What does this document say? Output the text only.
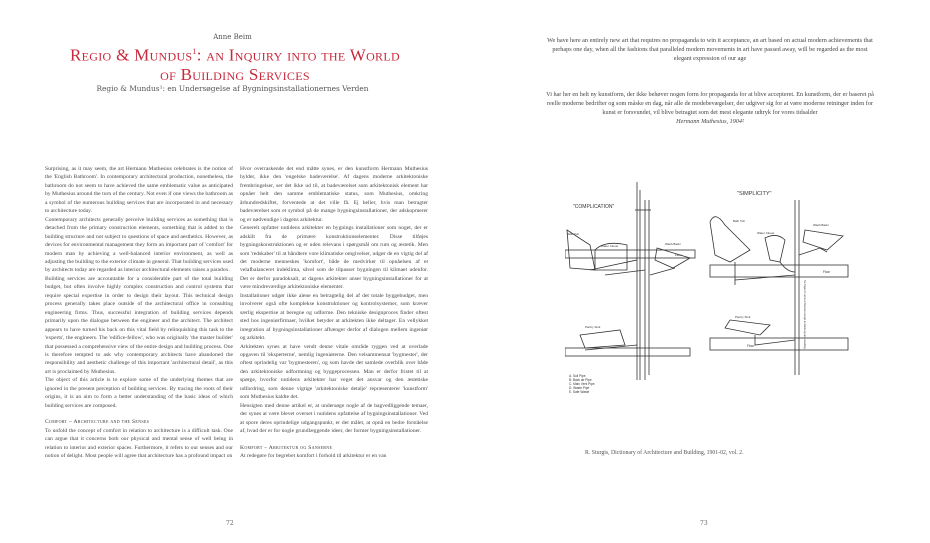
Anne Beim
Regio & Mundus$^1$: an Inquiry into the World
of Building Services
Regio & Mundus¹: en Undersøgelse af Bygningsinstallationernes Verden

Surprising, as it may seem, the art Hermann Muthesius celebrates is the notion of the 'English Bathroom'. In contemporary architectural production, nonetheless, the bathroom do not seem to have achieved the same emblematic value as anticipated by Muthesius around the turn of the century. Not even if one views the bathroom as a symbol of the numerous building services that are incorporated in and necessary to architecture today.

Contemporary architects generally perceive building services as something that is detached from the primary construction elements, something that is added to the building structure and not subject to questions of space and aesthetics. However, as devices for environmental management they form an important part of 'comfort' for modern man by achieving a well-balanced interior environment, as well as adjusting the building to the exterior climate in general. That building services used by architects today are regarded as interior architectural elements raises a paradox.

Building services are accountable for a considerable part of the total building budget, but often involve highly complex construction and control systems that require special expertise in order to design their layout. This technical design process generally takes place outside of the architectural office in consulting engineering firms. Thus, successful integration of building services depends primarily upon the dialogue between the engineer and the architect. The architect appears to have turned his back on this vital field by relinquishing this task to the 'experts', the engineers. The 'edifice-fellow', who was originally 'the master builder' that possessed a comprehensive view of the entire design and building process. One is therefore tempted to ask why contemporary architects have abandoned the responsibility and aesthetic challenge of this important 'architectural detail', as this art is proclaimed by Muthesius.

The object of this article is to explore some of the underlying themes that are ignored in the present perception of building services. By tracing the roots of their origins, it is an aim to form a better understanding of the basic ideas of which building services are composed.

Comfort – Architecture and the Senses

To unfold the concept of comfort in relation to architecture is a difficult task. One can argue that it concerns both our physical and mental sense of well being in relation to interior and exterior spaces. Furthermore, it refers to our senses and our notion of delight. Most people will agree that architecture has a profound impact on

Hvor overraskende det end måtte synes, er den kunstform Hermann Muthesius hylder, ikke den 'engelske badeværelse'. Af dagens moderne arkitektoniske frembringelser, ser det ikke ud til, at badeværelset som arkitektonisk element har opnået helt den samme emblematiske status, som Muthesius, omkring århundredskiftet, forventede at det ville få. Ej heller, hvis man betragter badeværelset som et symbol på de mange bygningsinstallationer, der adskopmerer og er nødvendige i dagens arkitektur.

Generelt opfatter nutidens arkitekter en bygnings installationer som noget, der er adskilt fra de primære konstruktionselementer. Disse tilføjes bygningskonstruktionen og er uden relevans i spørgsmål om rum og æstetik. Men som 'redskaber' til at håndtere vore klimatiske omgivelser, udgør de en vigtig del af det moderne menneskes 'komfort', både de medvirker til opnåelsen af et velafbalanceret indeklima, såvel som de tilpasser bygningen til klimaet udenfor. Det er derfor paradoksalt, at dagens arkitekter anser bygningsinstallationer for at være mindreværdige arkitektoniske elementer.

Installationer udgør ikke alene en betragtelig del af det totale byggebudget, men involverer også ofte komplekse konstruktioner og kontrolsystemer, som kræver særlig ekspertise at beregne og udforme. Den tekniske designproces finder oftest sted hos ingeniørfirmaer, hvilket betyder at arkitekten ikke deltager. En vellykket integration af bygningsinstallationer afhænger derfor af dialogen mellem ingeniør og arkitekt.

Arkitekten synes at have vendt denne vitale område ryggen ved at overlade opgaven til 'eksperterne', nemlig ingeniørerne. Den velsammensat 'bygmester', der oftest oprindelig var 'bygmesteren', og som havde det samlede overblik over både den arkitektoniske udformning og byggeprocessen. Man er derfor fristet til at spørge, hvorfor nutidens arkitekter har veget det ansvar og den æstetiske udfordring, som denne vigtige 'arkitektoniske detalje' repræsenterer 'kunstform' som Muthesius kaldte det.

Hensigten med denne artikel er, at undersøge nogle af de bagvedliggende temaer, der synes at være blevet overset i nutidens opfattelse af bygningsinstallationer. Ved at spore deres oprindelige udgangspunkt, er det målet, at opnå en bedre forståelse af, hvad der er for nogle grundlæggende ideer, der former bygningsinstallationer.

Komfort – Arkitektur og Sanserne

At redegøre for begrebet komfort i forhold til arkitektur er en van

72
We have here an entirely new art that requires no propaganda to win it acceptance, an art based on actual modern achievements that perhaps one day, when all the fashions that paralleled modern movements in art have passed away, will be regarded as the most elegant expression of our age
Vi har her en helt ny kunstform, der ikke behøver nogen form for propaganda for at blive accepteret. En kunstform, der er baseret på reelle moderne bedrifter og som måske en dag, når alle de modebevægelser, der udgiver sig for at være moderne retninger inden for kunst er forsvundet, vil blive betragtet som det mest elegante udtryk for vores tidsalder
Hermann Muthesius, 1904²
"COMPLICATION"
"SIMPLICITY"
Bath Tub
Water Closet	Wash Basin
Floor
Pantry Sink
A. Soil Pipe
B. Back air Pipe
C. Main Vent Pipe
D. Waste Pipe
E. Safe Waste
Bath Tub
Water Closet
Wash Basin
Floor
Pantry Sink
Floor	No traps or vents at fixtures except as back-up and washing
R. Sturgis, Dictionary of Architecture and Building, 1901-02, vol. 2.
73
